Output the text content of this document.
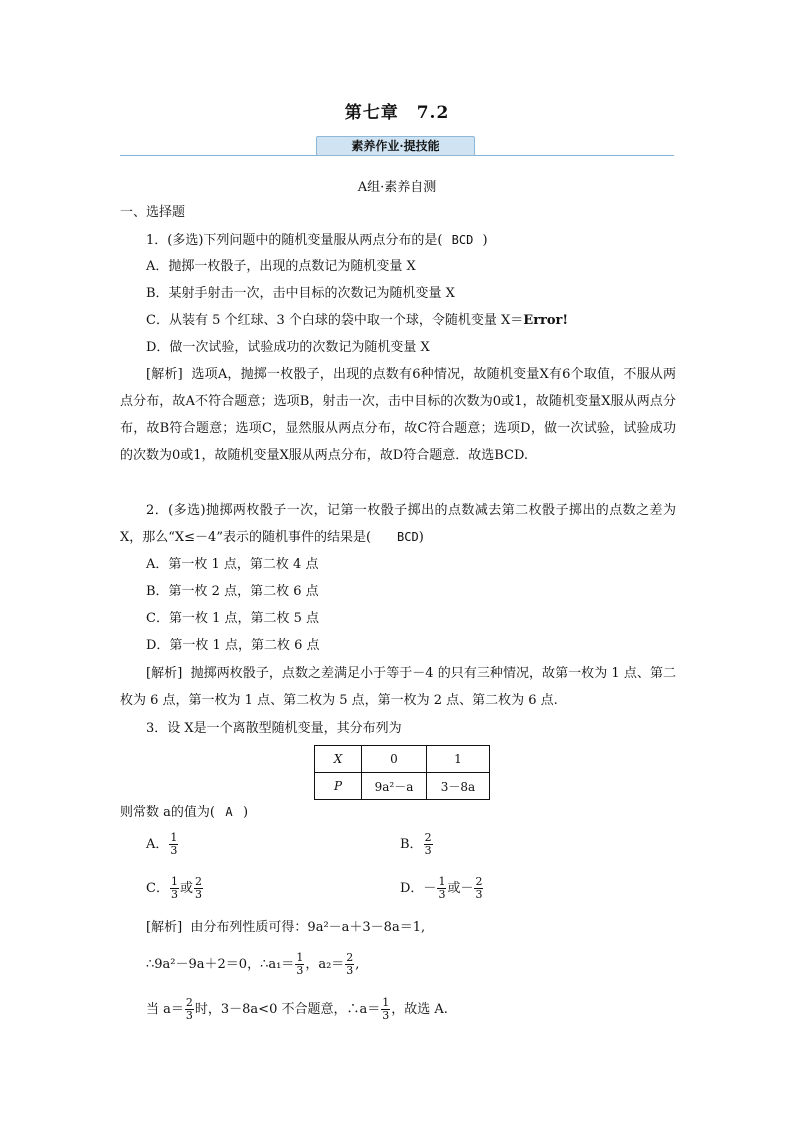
第七章　7.2
素养作业·提技能
A组·素养自测
一、选择题
1．(多选)下列问题中的随机变量服从两点分布的是( BCD )
A．抛掷一枚骰子，出现的点数记为随机变量 X
B．某射手射击一次，击中目标的次数记为随机变量 X
C．从装有 5 个红球、3 个白球的袋中取一个球，令随机变量 X＝Error!
D．做一次试验，试验成功的次数记为随机变量 X
[解析] 选项A，抛掷一枚骰子，出现的点数有6种情况，故随机变量X有6个取值，不服从两点分布，故A不符合题意；选项B，射击一次，击中目标的次数为0或1，故随机变量X服从两点分布，故B符合题意；选项C，显然服从两点分布，故C符合题意；选项D，做一次试验，试验成功的次数为0或1，故随机变量X服从两点分布，故D符合题意．故选BCD.
2．(多选)抛掷两枚骰子一次，记第一枚骰子掷出的点数减去第二枚骰子掷出的点数之差为 X，那么“X≤－4”表示的随机事件的结果是( BCD)
A．第一枚 1 点，第二枚 4 点
B．第一枚 2 点，第二枚 6 点
C．第一枚 1 点，第二枚 5 点
D．第一枚 1 点，第二枚 6 点
[解析] 抛掷两枚骰子，点数之差满足小于等于－4 的只有三种情况，故第一枚为 1 点、第二枚为 6 点，第一枚为 1 点、第二枚为 5 点，第一枚为 2 点、第二枚为 6 点.
3．设 X是一个离散型随机变量，其分布列为
X	0	1
P	9a²－a	3－8a
则常数 a的值为( A )
A． $\frac{1}{3}$	B． $\frac{2}{3}$
C． $\frac{1}{3}$ 或 $\frac{2}{3}$	D．－ $\frac{1}{3}$ 或－ $\frac{2}{3}$
[解析] 由分布列性质可得：9a²－a＋3－8a＝1,
∴9a²－9a＋2＝0，∴a₁＝ $\frac{1}{3}$ ，$a_2= \frac{2}{3}$ ,
当 $a= \frac{2}{3}$ 时，3－8a<0 不合题意，∴a＝ $\frac{1}{3}$ ，故选 A.
